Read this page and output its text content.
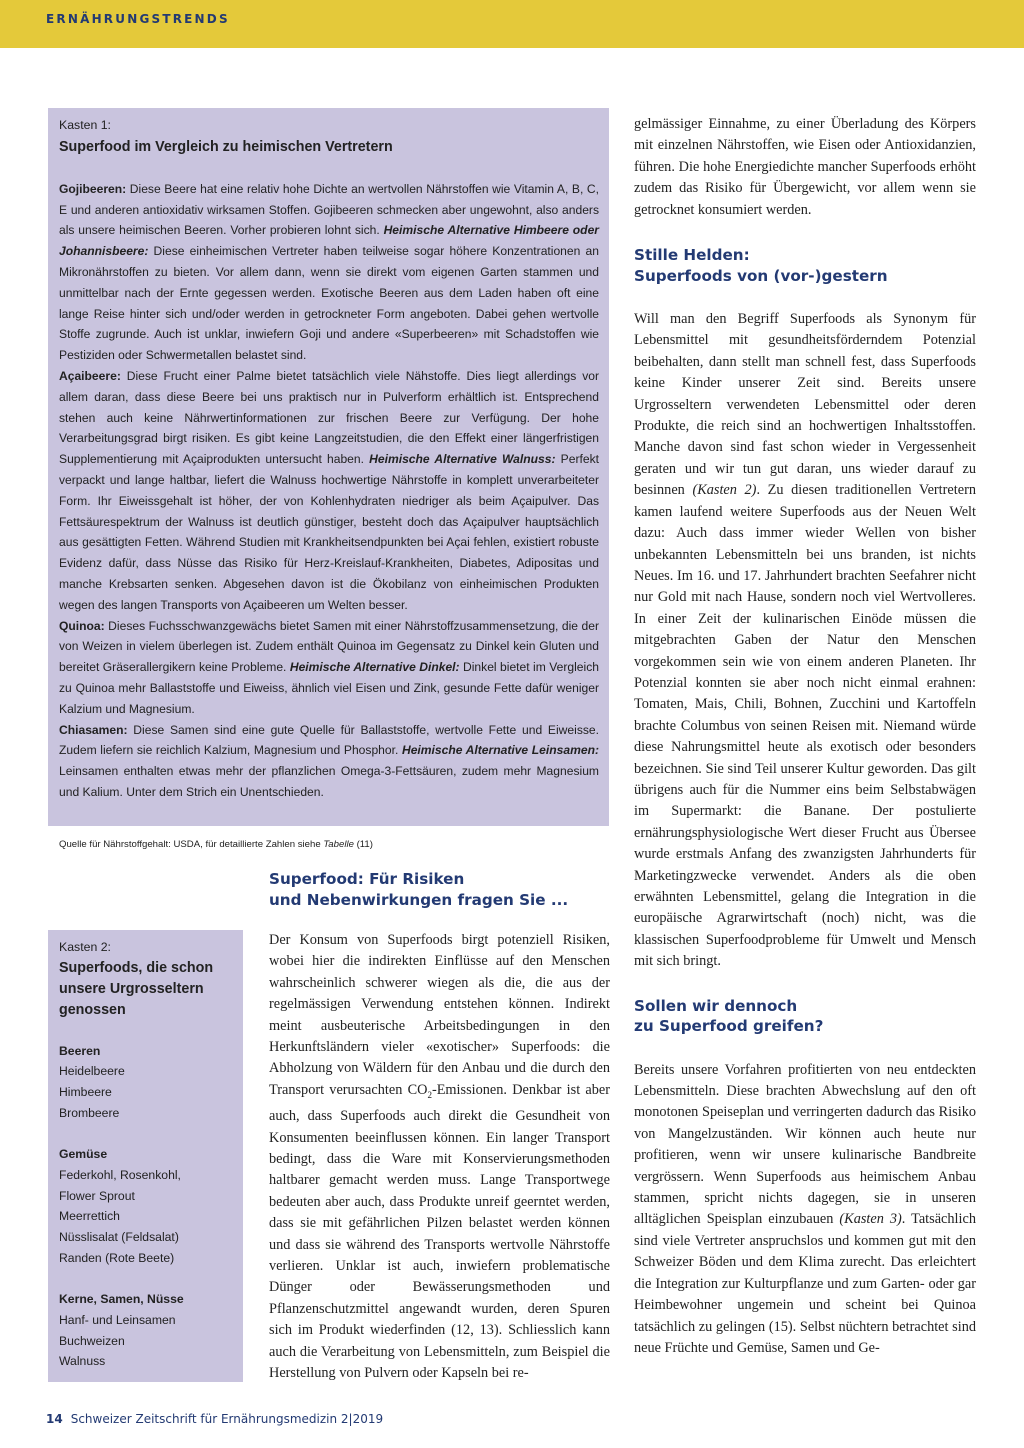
ERNÄHRUNGSTRENDS
Kasten 1:
Superfood im Vergleich zu heimischen Vertretern

Gojibeeren: Diese Beere hat eine relativ hohe Dichte an wertvollen Nährstoffen wie Vitamin A, B, C, E und anderen antioxidativ wirksamen Stoffen. Gojibeeren schmecken aber ungewohnt, also anders als unsere heimischen Beeren. Vorher probieren lohnt sich. Heimische Alternative Himbeere oder Johannisbeere: Diese einheimischen Vertreter haben teilweise sogar höhere Konzentrationen an Mikronährstoffen zu bieten. Vor allem dann, wenn sie direkt vom eigenen Garten stammen und unmittelbar nach der Ernte gegessen werden. Exotische Beeren aus dem Laden haben oft eine lange Reise hinter sich und/oder werden in getrockneter Form angeboten. Dabei gehen wertvolle Stoffe zugrunde. Auch ist unklar, inwiefern Goji und andere «Superbeeren» mit Schadstoffen wie Pestiziden oder Schwermetallen belastet sind.

Açaibeere: Diese Frucht einer Palme bietet tatsächlich viele Nähstoffe. Dies liegt allerdings vor allem daran, dass diese Beere bei uns praktisch nur in Pulverform erhältlich ist. Entsprechend stehen auch keine Nährwertinformationen zur frischen Beere zur Verfügung. Der hohe Verarbeitungsgrad birgt risiken. Es gibt keine Langzeitstudien, die den Effekt einer längerfristigen Supplementierung mit Açaiprodukten untersucht haben. Heimische Alternative Walnuss: Perfekt verpackt und lange haltbar, liefert die Walnuss hochwertige Nährstoffe in komplett unverarbeiteter Form. Ihr Eiweissgehalt ist höher, der von Kohlenhydraten niedriger als beim Açaipulver. Das Fettsäurespektrum der Walnuss ist deutlich günstiger, besteht doch das Açaipulver hauptsächlich aus gesättigten Fetten. Während Studien mit Krankheitsendpunkten bei Açai fehlen, existiert robuste Evidenz dafür, dass Nüsse das Risiko für Herz-Kreislauf-Krankheiten, Diabetes, Adipositas und manche Krebsarten senken. Abgesehen davon ist die Ökobilanz von einheimischen Produkten wegen des langen Transports von Açaibeeren um Welten besser.

Quinoa: Dieses Fuchsschwanzgewächs bietet Samen mit einer Nährstoffzusammensetzung, die der von Weizen in vielem überlegen ist. Zudem enthält Quinoa im Gegensatz zu Dinkel kein Gluten und bereitet Gräserallergikern keine Probleme. Heimische Alternative Dinkel: Dinkel bietet im Vergleich zu Quinoa mehr Ballaststoffe und Eiweiss, ähnlich viel Eisen und Zink, gesunde Fette dafür weniger Kalzium und Magnesium.

Chiasamen: Diese Samen sind eine gute Quelle für Ballaststoffe, wertvolle Fette und Eiweisse. Zudem liefern sie reichlich Kalzium, Magnesium und Phosphor. Heimische Alternative Leinsamen: Leinsamen enthalten etwas mehr der pflanzlichen Omega-3-Fettsäuren, zudem mehr Magnesium und Kalium. Unter dem Strich ein Unentschieden.

Quelle für Nährstoffgehalt: USDA, für detaillierte Zahlen siehe Tabelle (11)
Kasten 2:
Superfoods, die schon unsere Urgrosseltern genossen
Beeren
Heidelbeere
Himbeere
Brombeere
Gemüse
Federkohl, Rosenkohl,
Flower Sprout
Meerrettich
Nüsslisalat (Feldsalat)
Randen (Rote Beete)
Kerne, Samen, Nüsse
Hanf- und Leinsamen
Buchweizen
Walnuss
Superfood: Für Risiken
und Nebenwirkungen fragen Sie ...

Der Konsum von Superfoods birgt potenziell Risiken, wobei hier die indirekten Einflüsse auf den Menschen wahrscheinlich schwerer wiegen als die, die aus der regelmässigen Verwendung entstehen können. Indirekt meint ausbeuterische Arbeitsbedingungen in den Herkunftsländern vieler «exotischer» Superfoods: die Abholzung von Wäldern für den Anbau und die durch den Transport verursachten $CO_2$-Emissionen. Denkbar ist aber auch, dass Superfoods auch direkt die Gesundheit von Konsumenten beeinflussen können. Ein langer Transport bedingt, dass die Ware mit Konservierungsmethoden haltbarer gemacht werden muss. Lange Transportwege bedeuten aber auch, dass Produkte unreif geerntet werden, dass sie mit gefährlichen Pilzen belastet werden können und dass sie während des Transports wertvolle Nährstoffe verlieren. Unklar ist auch, inwiefern problematische Dünger oder Bewässerungsmethoden und Pflanzenschutzmittel angewandt wurden, deren Spuren sich im Produkt wiederfinden (12, 13). Schliesslich kann auch die Verarbeitung von Lebensmitteln, zum Beispiel die Herstellung von Pulvern oder Kapseln bei re-

gelmässiger Einnahme, zu einer Überladung des Körpers mit einzelnen Nährstoffen, wie Eisen oder Antioxidanzien, führen. Die hohe Energiedichte mancher Superfoods erhöht zudem das Risiko für Übergewicht, vor allem wenn sie getrocknet konsumiert werden.

Stille Helden:
Superfoods von (vor-)gestern

Will man den Begriff Superfoods als Synonym für Lebensmittel mit gesundheitsförderndem Potenzial beibehalten, dann stellt man schnell fest, dass Superfoods keine Kinder unserer Zeit sind. Bereits unsere Urgrosseltern verwendeten Lebensmittel oder deren Produkte, die reich sind an hochwertigen Inhaltsstoffen. Manche davon sind fast schon wieder in Vergessenheit geraten und wir tun gut daran, uns wieder darauf zu besinnen (Kasten 2). Zu diesen traditionellen Vertretern kamen laufend weitere Superfoods aus der Neuen Welt dazu: Auch dass immer wieder Wellen von bisher unbekannten Lebensmitteln bei uns branden, ist nichts Neues. Im 16. und 17. Jahrhundert brachten Seefahrer nicht nur Gold mit nach Hause, sondern noch viel Wertvolleres. In einer Zeit der kulinarischen Einöde müssen die mitgebrachten Gaben der Natur den Menschen vorgekommen sein wie von einem anderen Planeten. Ihr Potenzial konnten sie aber noch nicht einmal erahnen: Tomaten, Mais, Chili, Bohnen, Zucchini und Kartoffeln brachte Columbus von seinen Reisen mit. Niemand würde diese Nahrungsmittel heute als exotisch oder besonders bezeichnen. Sie sind Teil unserer Kultur geworden. Das gilt übrigens auch für die Nummer eins beim Selbstabwägen im Supermarkt: die Banane. Der postulierte ernährungsphysiologische Wert dieser Frucht aus Übersee wurde erstmals Anfang des zwanzigsten Jahrhunderts für Marketingzwecke verwendet. Anders als die oben erwähnten Lebensmittel, gelang die Integration in die europäische Agrarwirtschaft (noch) nicht, was die klassischen Superfoodprobleme für Umwelt und Mensch mit sich bringt.

Sollen wir dennoch
zu Superfood greifen?

Bereits unsere Vorfahren profitierten von neu entdeckten Lebensmitteln. Diese brachten Abwechslung auf den oft monotonen Speiseplan und verringerten dadurch das Risiko von Mangelzuständen. Wir können auch heute nur profitieren, wenn wir unsere kulinarische Bandbreite vergrössern. Wenn Superfoods aus heimischem Anbau stammen, spricht nichts dagegen, sie in unseren alltäglichen Speisplan einzubauen (Kasten 3). Tatsächlich sind viele Vertreter anspruchslos und kommen gut mit den Schweizer Böden und dem Klima zurecht. Das erleichtert die Integration zur Kulturpflanze und zum Garten- oder gar Heimbewohner ungemein und scheint bei Quinoa tatsächlich zu gelingen (15). Selbst nüchtern betrachtet sind neue Früchte und Gemüse, Samen und Ge-

14 Schweizer Zeitschrift für Ernährungsmedizin 2|2019
